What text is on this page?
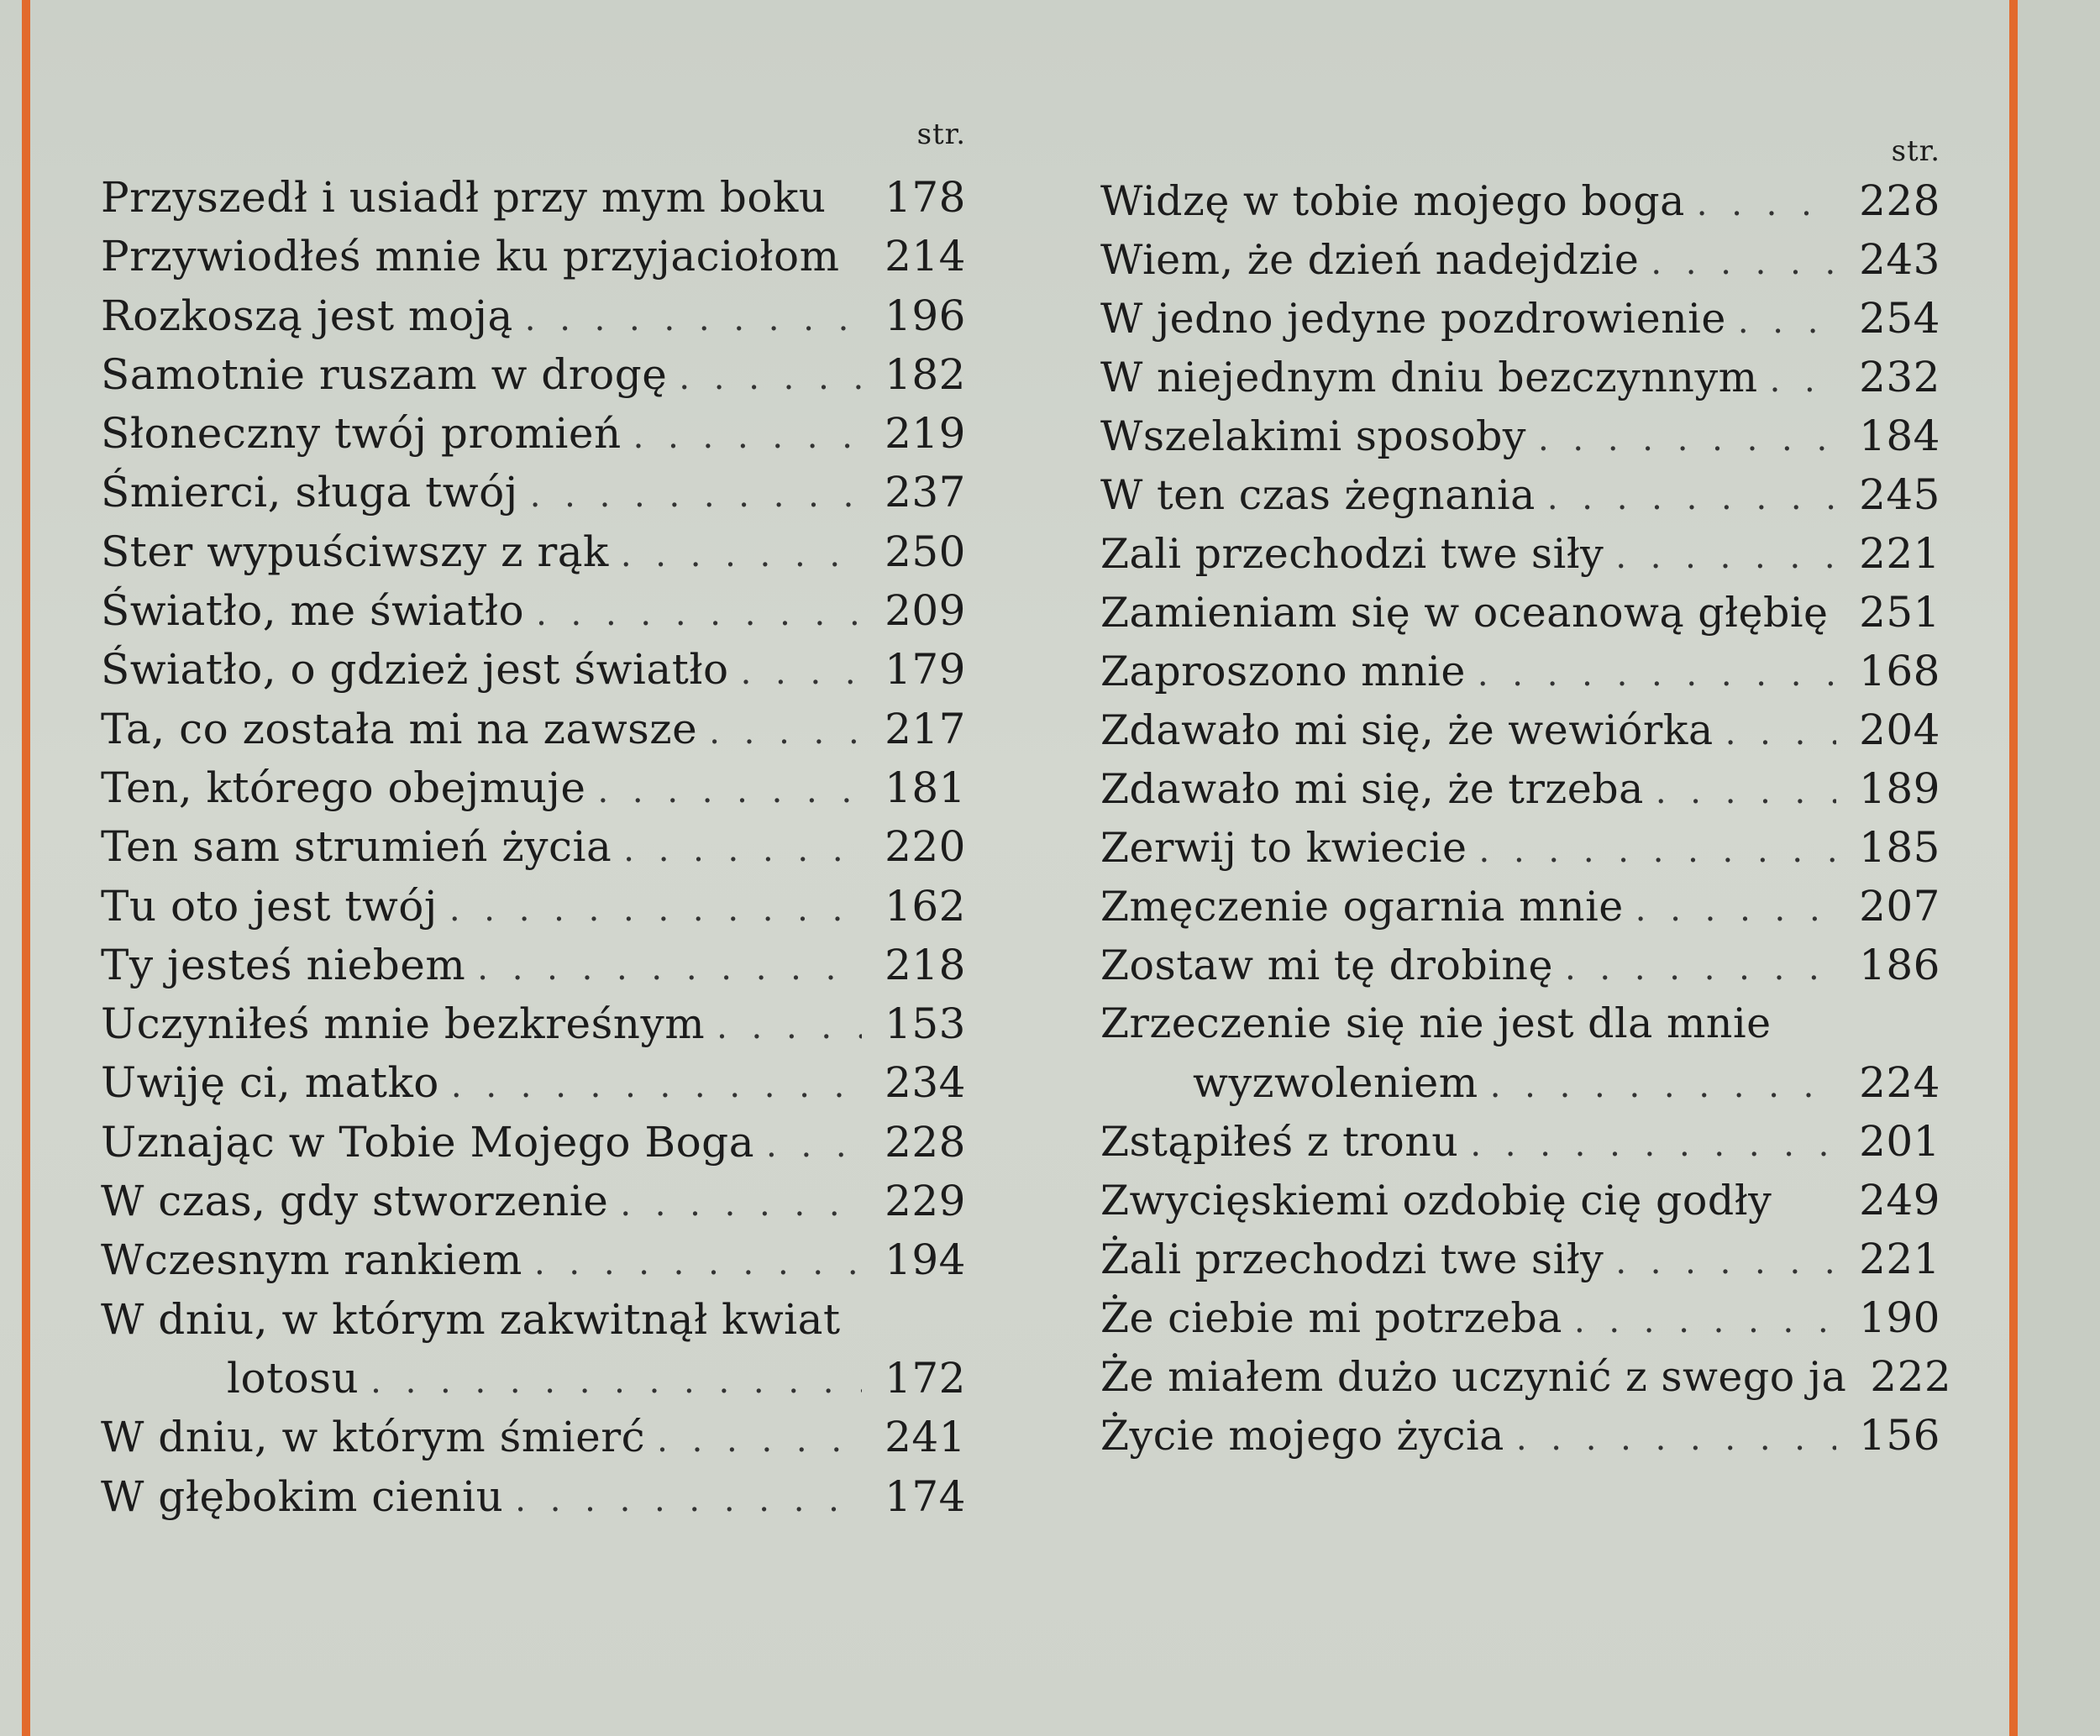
str.
Przyszedł i usiadł przy mym boku 178
Przywiodłeś mnie ku przyjaciołom 214
Rozkoszą jest moją . . .	196
Samotnie ruszam w drogę . . .	182
Słoneczny twój promień . . .	219
Śmierci, sługa twój . . .	237
Ster wypuściwszy z rąk . . .	250
Światło, me światło . . .	209
Światło, o gdzież jest światło . . .	179
Ta, co została mi na zawsze . . .	217
Ten, którego obejmuje . . .	181
Ten sam strumień życia . . .	220
Tu oto jest twój . . .	162
Ty jesteś niebem . . .	218
Uczyniłeś mnie bezkreśnym . . .	153
Uwiję ci, matko . . .	234
Uznając w Tobie Mojego Boga . . .	228
W czas, gdy stworzenie . . .	229
Wczesnym rankiem . . .	194
W dniu, w którym zakwitnął kwiat
lotosu . . .	172
W dniu, w którym śmierć . . .	241
W głębokim cieniu . . .	174
str.
Widzę w tobie mojego boga . . .	228
Wiem, że dzień nadejdzie . . .	243
W jedno jedyne pozdrowienie . . .	254
W niejednym dniu bezczynnym . . . 232
Wszelakimi sposoby . . .	184
W ten czas żegnania . . .	245
Zali przechodzi twe siły . . .	221
Zamieniam się w oceanową głębię 251
Zaproszono mnie . . .	168
Zdawało mi się, że wewiórka . . .	204
Zdawało mi się, że trzeba . . .	189
Zerwij to kwiecie . . .	185
Zmęczenie ogarnia mnie . . .	207
Zostaw mi tę drobinę . . .	186
Zrzeczenie się nie jest dla mnie
wyzwoleniem . . .	224
Zstąpiłeś z tronu . . .	201
Zwycięskiemi ozdobię cię godły 249
Żali przechodzi twe siły . . .	221
Że ciebie mi potrzeba . . .	190
Że miałem dużo uczynić z swego ja 222
Życie mojego życia . . .	156
